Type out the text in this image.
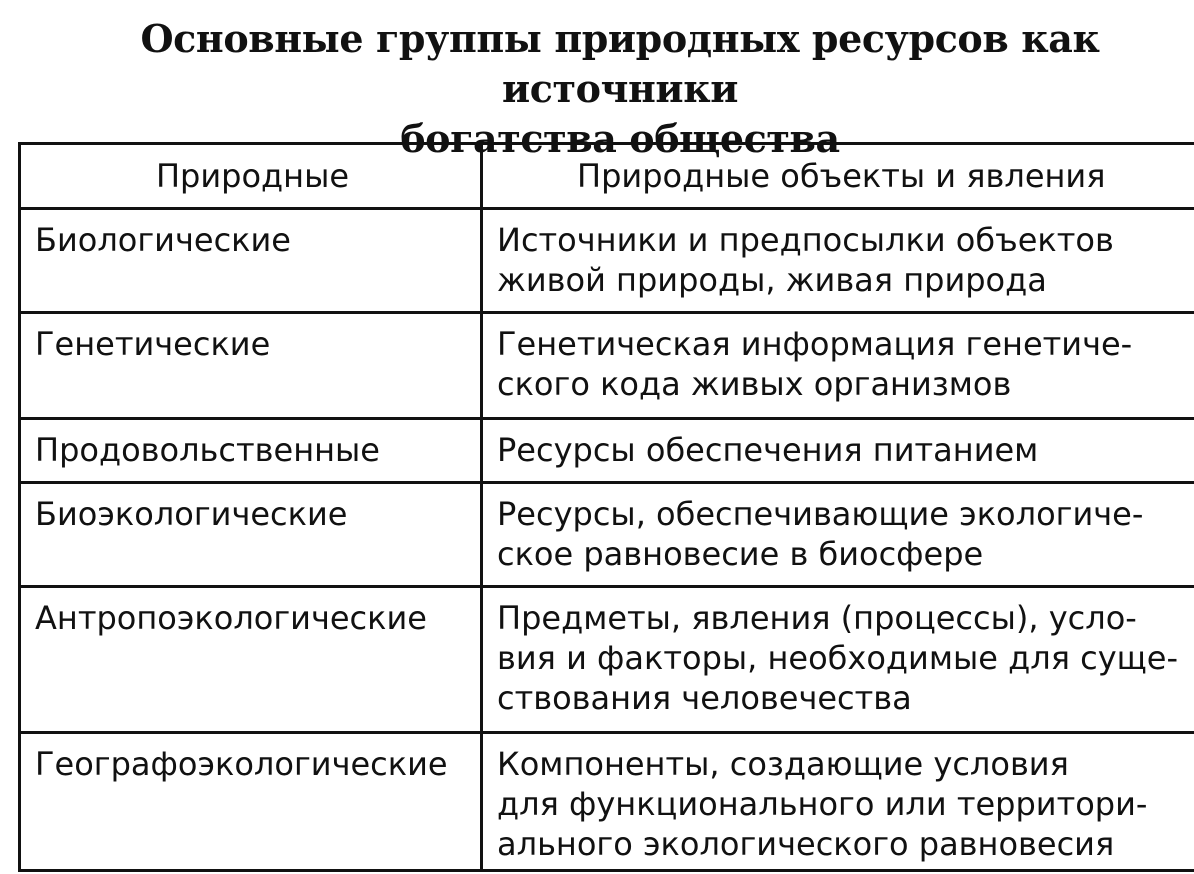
Основные группы природных ресурсов как источники
богатства общества
Природные	Природные объекты и явления
Биологические	Источники и предпосылки объектов
живой природы, живая природа

Генетические	Генетическая информация генетиче-
ского кода живых организмов

Продовольственные	Ресурсы обеспечения питанием

Биоэкологические	Ресурсы, обеспечивающие экологиче-
ское равновесие в биосфере

Антропоэкологические	Предметы, явления (процессы), усло-
вия и факторы, необходимые для суще-
ствования человечества

Географоэкологические	Компоненты, создающие условия
для функционального или территори-
ального экологического равновесия
